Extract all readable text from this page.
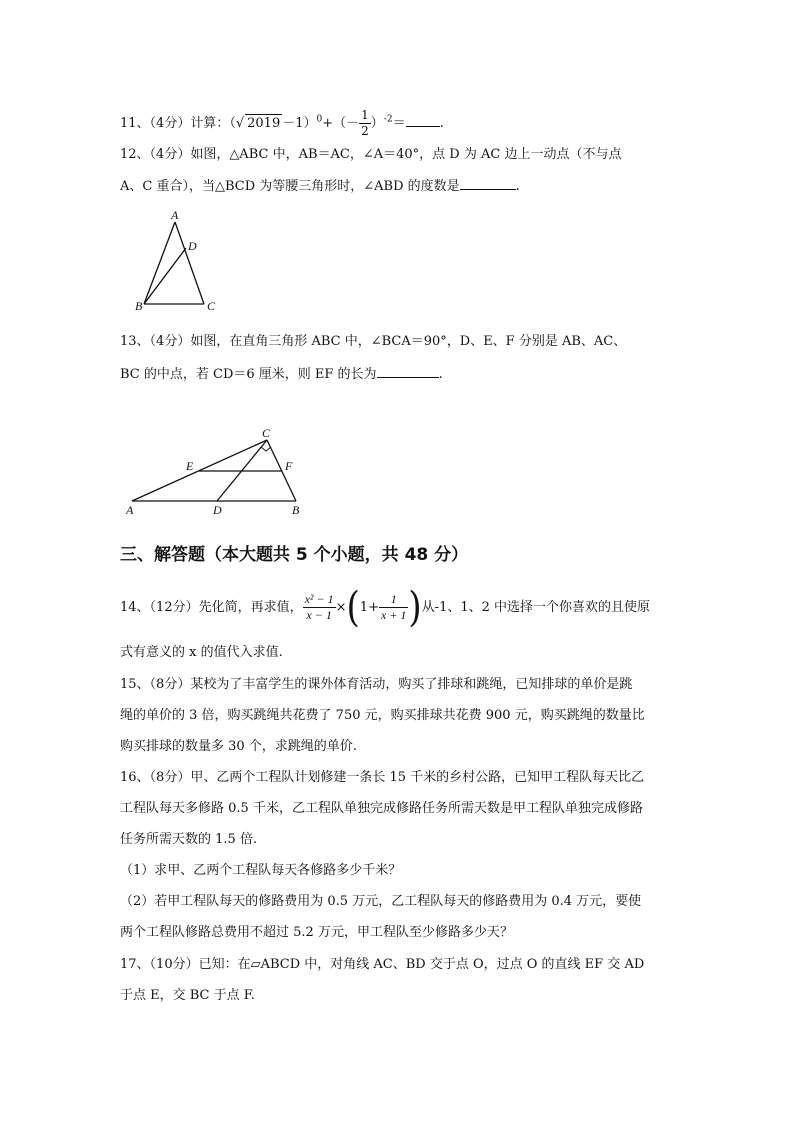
11、（4分）计算：（√ $2019 -1)^0+(- \frac{1}{2} )^{-2}=$	.
12、（4分）如图，△ABC 中，AB＝AC，∠A＝40°，点 D 为 AC 边上一动点（不与点
A、C 重合），当△BCD 为等腰三角形时，∠ABD 的度数是	.
A
B	C
D
13、（4分）如图，在直角三角形 ABC 中，∠BCA＝90°，D、E、F 分别是 AB、AC、
BC 的中点，若 CD＝6 厘米，则 EF 的长为	.
A	B
C
D
E	F
三、解答题（本大题共 5 个小题，共 48 分）
14、（12分）先化简，再求值， $\frac{\text{x² − 1}}{x - 1} \times(1+ \frac{1}{x + 1}$ )从-1、1、2 中选择一个你喜欢的且使原
式有意义的 x 的值代入求值.
15、（8分）某校为了丰富学生的课外体育活动，购买了排球和跳绳，已知排球的单价是跳
绳的单价的 3 倍，购买跳绳共花费了 750 元，购买排球共花费 900 元，购买跳绳的数量比
购买排球的数量多 30 个，求跳绳的单价.
16、（8分）甲、乙两个工程队计划修建一条长 15 千米的乡村公路，已知甲工程队每天比乙
工程队每天多修路 0.5 千米，乙工程队单独完成修路任务所需天数是甲工程队单独完成修路
任务所需天数的 1.5 倍.
（1）求甲、乙两个工程队每天各修路多少千米？
（2）若甲工程队每天的修路费用为 0.5 万元，乙工程队每天的修路费用为 0.4 万元，要使
两个工程队修路总费用不超过 5.2 万元，甲工程队至少修路多少天？
17、（10分）已知：在▱ABCD 中，对角线 AC、BD 交于点 O，过点 O 的直线 EF 交 AD
于点 E，交 BC 于点 F.
